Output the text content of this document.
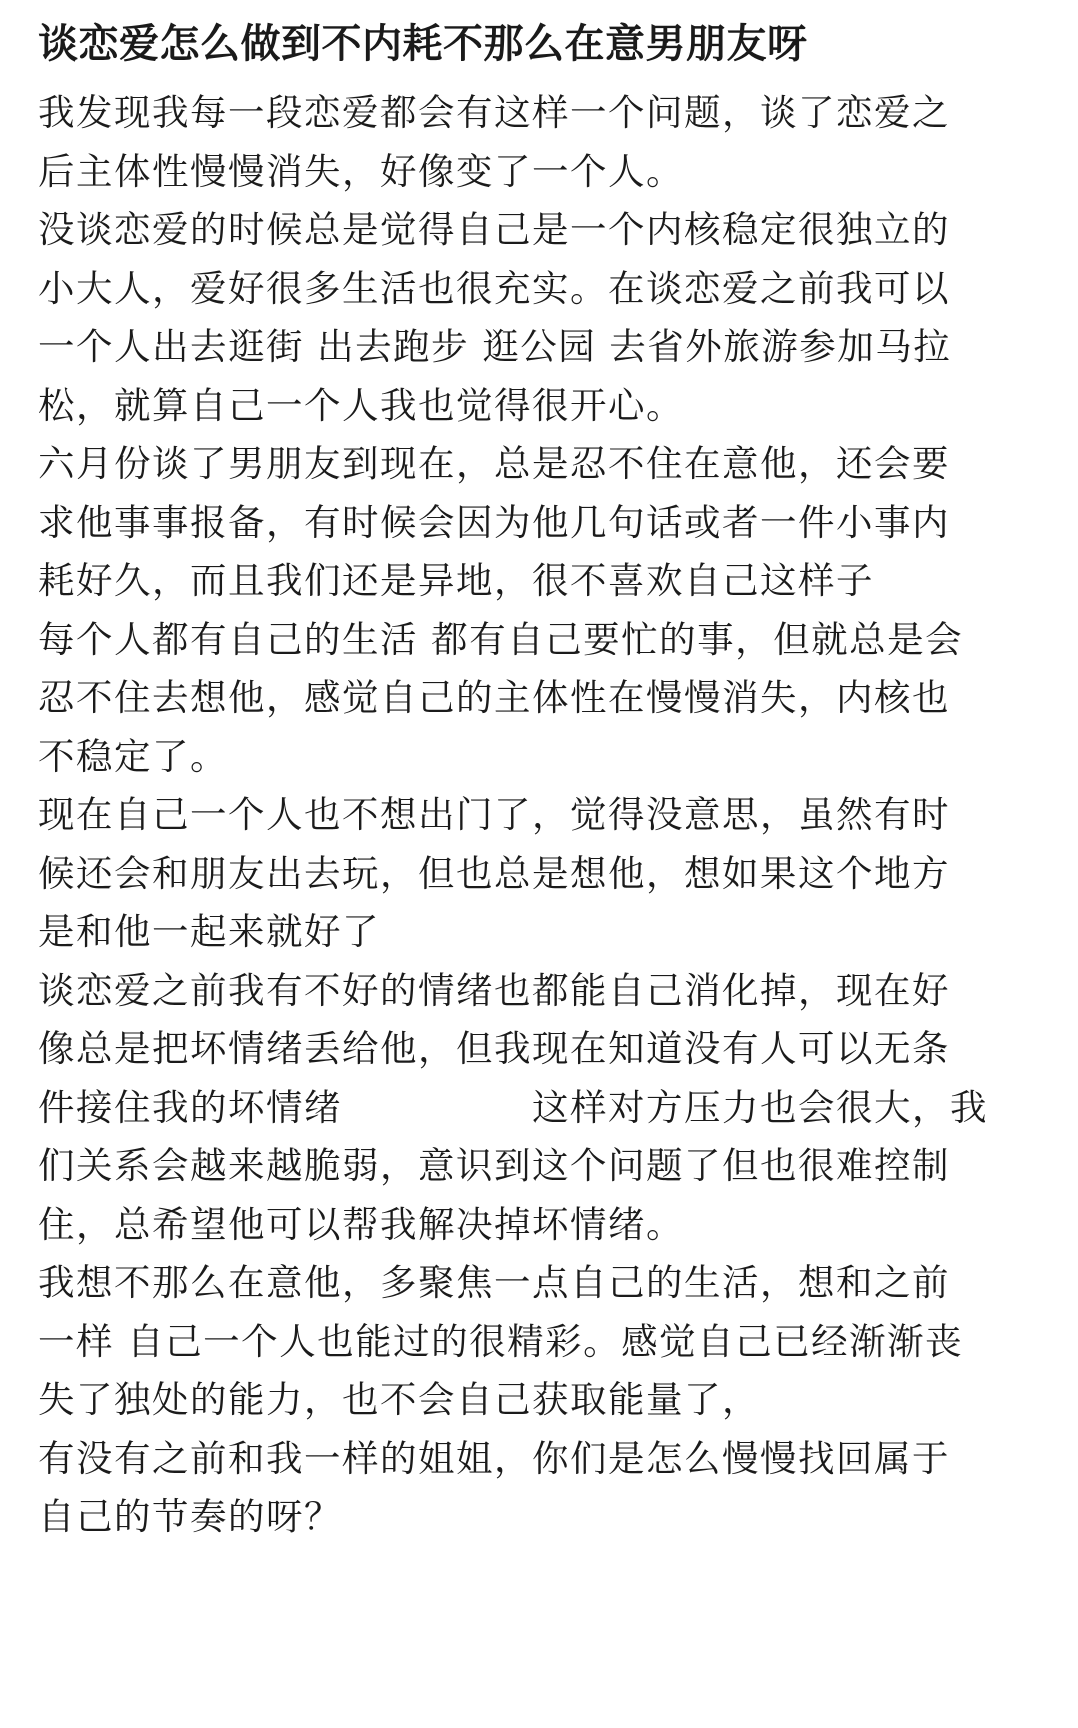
谈恋爱怎么做到不内耗不那么在意男朋友呀
我发现我每一段恋爱都会有这样一个问题，谈了恋爱之
后主体性慢慢消失，好像变了一个人。
没谈恋爱的时候总是觉得自己是一个内核稳定很独立的
小大人，爱好很多生活也很充实。在谈恋爱之前我可以
一个人出去逛街 出去跑步 逛公园 去省外旅游参加马拉
松，就算自己一个人我也觉得很开心。
六月份谈了男朋友到现在，总是忍不住在意他，还会要
求他事事报备，有时候会因为他几句话或者一件小事内
耗好久，而且我们还是异地，很不喜欢自己这样子
每个人都有自己的生活 都有自己要忙的事，但就总是会
忍不住去想他，感觉自己的主体性在慢慢消失，内核也
不稳定了。
现在自己一个人也不想出门了，觉得没意思，虽然有时
候还会和朋友出去玩，但也总是想他，想如果这个地方
是和他一起来就好了
谈恋爱之前我有不好的情绪也都能自己消化掉，现在好
像总是把坏情绪丢给他，但我现在知道没有人可以无条
件接住我的坏情绪　　　　　这样对方压力也会很大，我
们关系会越来越脆弱，意识到这个问题了但也很难控制
住，总希望他可以帮我解决掉坏情绪。
我想不那么在意他，多聚焦一点自己的生活，想和之前
一样 自己一个人也能过的很精彩。感觉自己已经渐渐丧
失了独处的能力，也不会自己获取能量了，
有没有之前和我一样的姐姐，你们是怎么慢慢找回属于
自己的节奏的呀？
